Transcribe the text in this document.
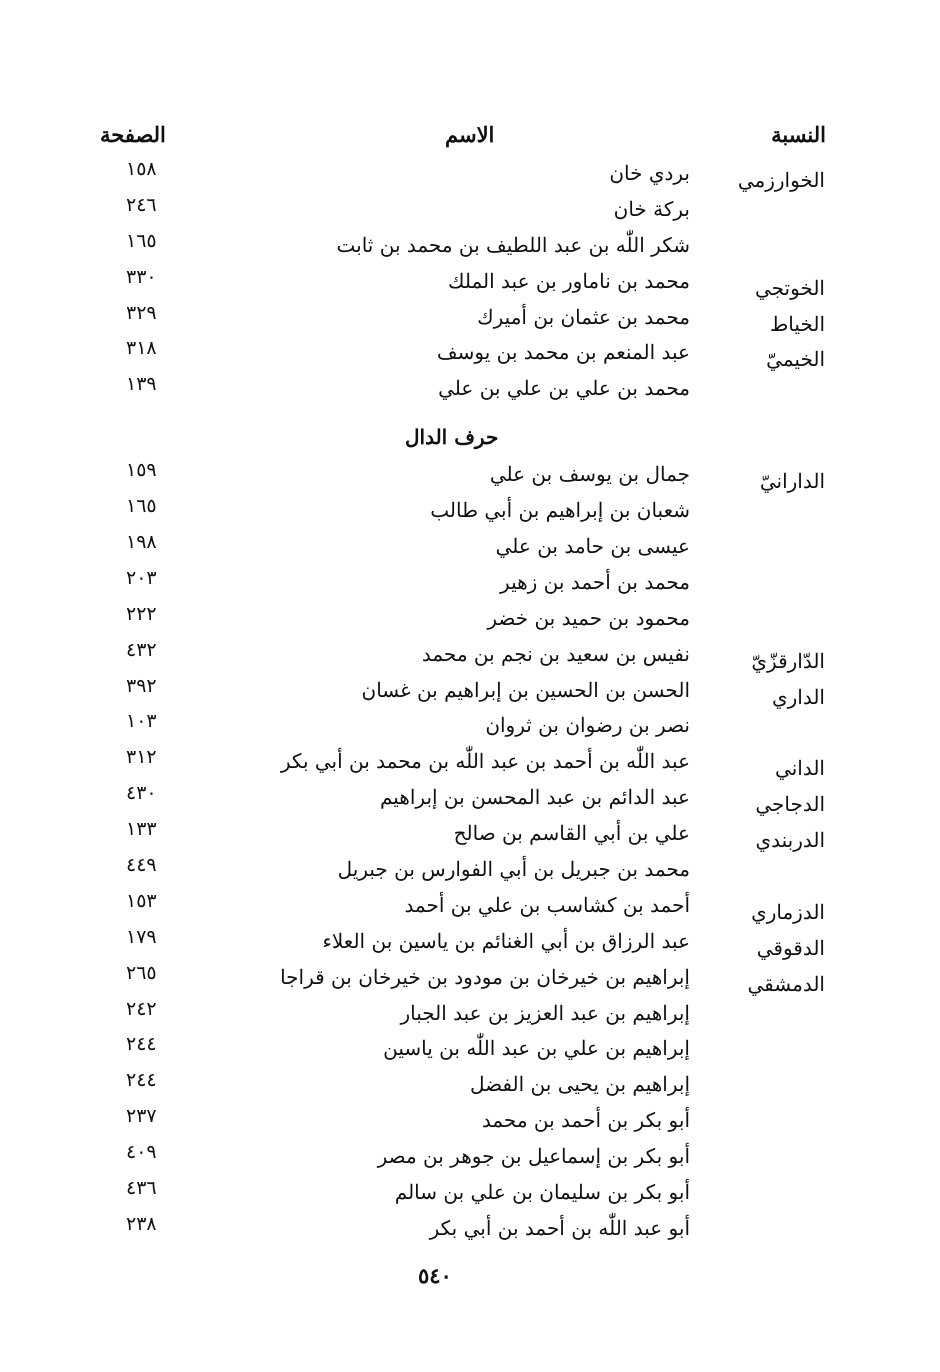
النسبة
الاسم
الصفحة
الخوارزمي
بردي خان
١٥٨
بركة خان
٢٤٦
شكر اللّٰه بن عبد اللطيف بن محمد بن ثابت
١٦٥
الخوتجي
محمد بن ناماور بن عبد الملك
٣٣٠
الخياط
محمد بن عثمان بن أميرك
٣٢٩
الخيميّ
عبد المنعم بن محمد بن يوسف
٣١٨
محمد بن علي بن علي بن علي
١٣٩
حرف الدال
الدارانيّ
جمال بن يوسف بن علي
١٥٩
شعبان بن إبراهيم بن أبي طالب
١٦٥
عيسى بن حامد بن علي
١٩٨
محمد بن أحمد بن زهير
٢٠٣
محمود بن حميد بن خضر
٢٢٢
الدّارقزّيّ
نفيس بن سعيد بن نجم بن محمد
٤٣٢
الداري
الحسن بن الحسين بن إبراهيم بن غسان
٣٩٢
نصر بن رضوان بن ثروان
١٠٣
الداني
عبد اللّٰه بن أحمد بن عبد اللّٰه بن محمد بن أبي بكر
٣١٢
الدجاجي
عبد الدائم بن عبد المحسن بن إبراهيم
٤٣٠
الدربندي
علي بن أبي القاسم بن صالح
١٣٣
محمد بن جبريل بن أبي الفوارس بن جبريل
٤٤٩
الدزماري
أحمد بن كشاسب بن علي بن أحمد
١٥٣
الدقوقي
عبد الرزاق بن أبي الغنائم بن ياسين بن العلاء
١٧٩
الدمشقي
إبراهيم بن خيرخان بن مودود بن خيرخان بن قراجا
٢٦٥
إبراهيم بن عبد العزيز بن عبد الجبار
٢٤٢
إبراهيم بن علي بن عبد اللّٰه بن ياسين
٢٤٤
إبراهيم بن يحيى بن الفضل
٢٤٤
أبو بكر بن أحمد بن محمد
٢٣٧
أبو بكر بن إسماعيل بن جوهر بن مصر
٤٠٩
أبو بكر بن سليمان بن علي بن سالم
٤٣٦
أبو عبد اللّٰه بن أحمد بن أبي بكر
٢٣٨
٥٤٠
